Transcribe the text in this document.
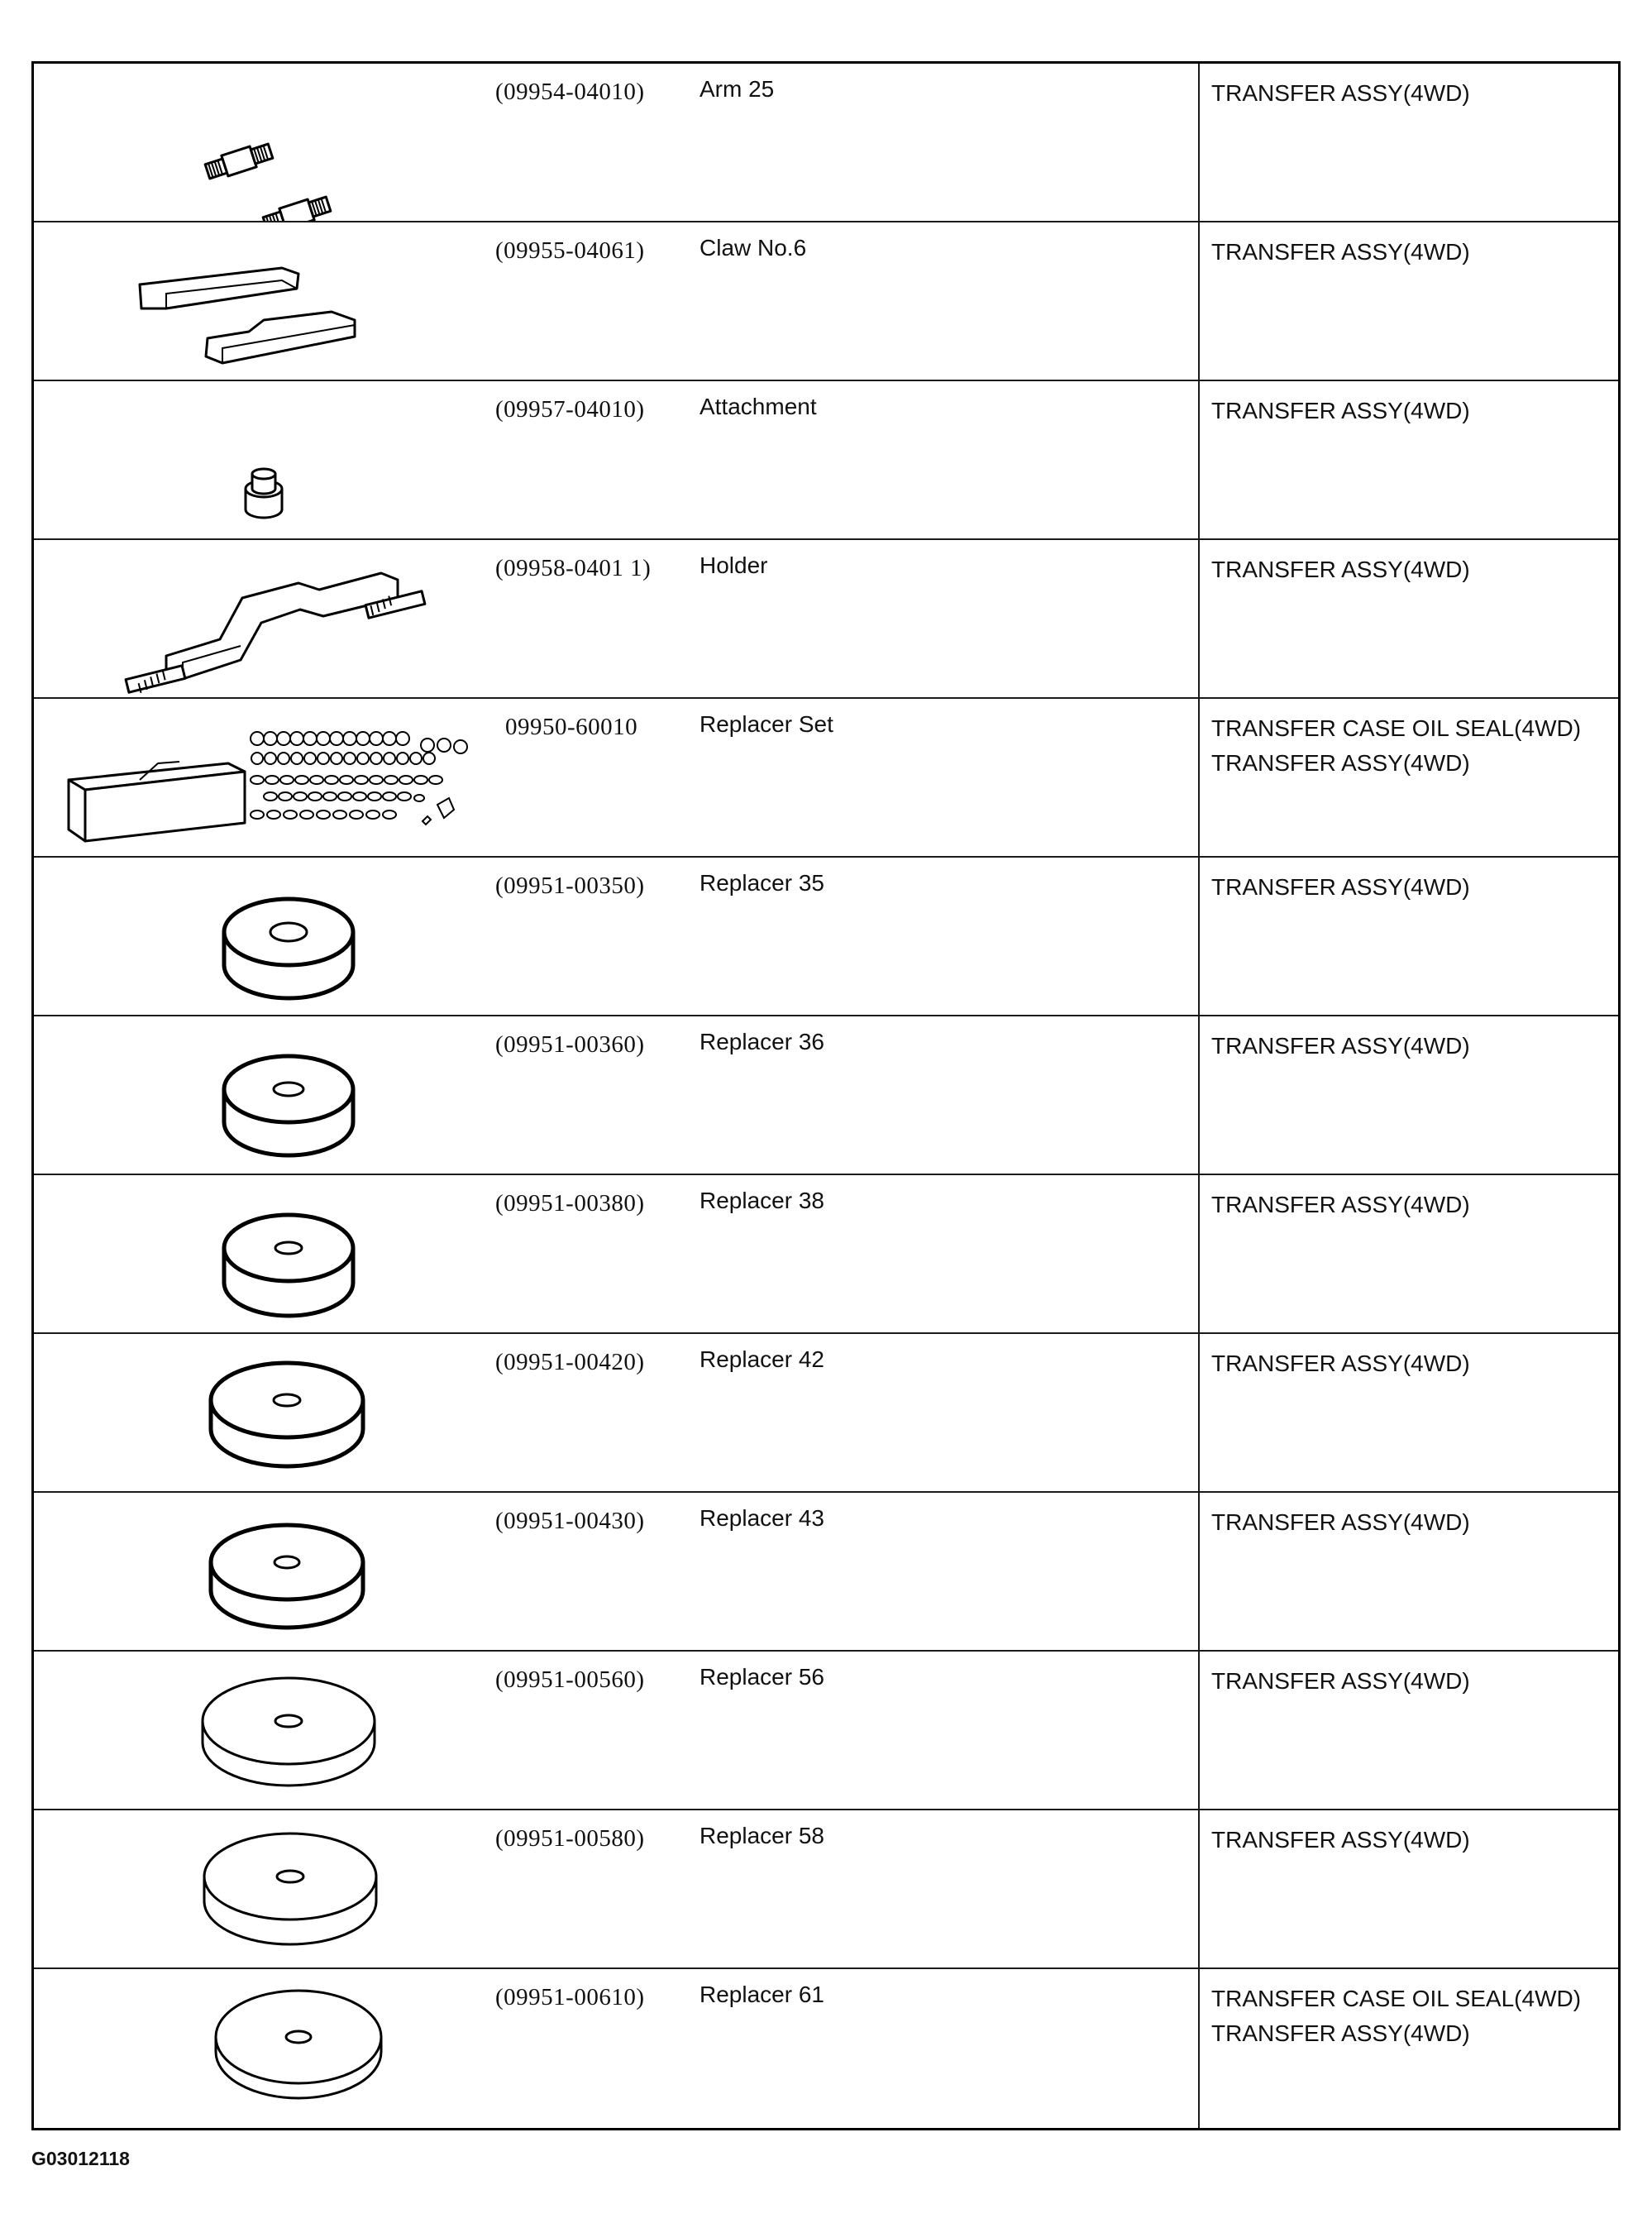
(09954-04010) Arm 25	TRANSFER ASSY(4WD)
(09955-04061) Claw No.6	TRANSFER ASSY(4WD)
(09957-04010) Attachment	TRANSFER ASSY(4WD)
(09958-0401 1) Holder	TRANSFER ASSY(4WD)
09950-60010	Replacer Set	TRANSFER CASE OIL SEAL(4WD)
TRANSFER ASSY(4WD)
(09951-00350) Replacer 35	TRANSFER ASSY(4WD)
(09951-00360) Replacer 36	TRANSFER ASSY(4WD)
(09951-00380) Replacer 38	TRANSFER ASSY(4WD)
(09951-00420) Replacer 42	TRANSFER ASSY(4WD)
(09951-00430) Replacer 43	TRANSFER ASSY(4WD)
(09951-00560) Replacer 56	TRANSFER ASSY(4WD)
(09951-00580) Replacer 58	TRANSFER ASSY(4WD)
(09951-00610) Replacer 61	TRANSFER CASE OIL SEAL(4WD)
TRANSFER ASSY(4WD)
G03012118
